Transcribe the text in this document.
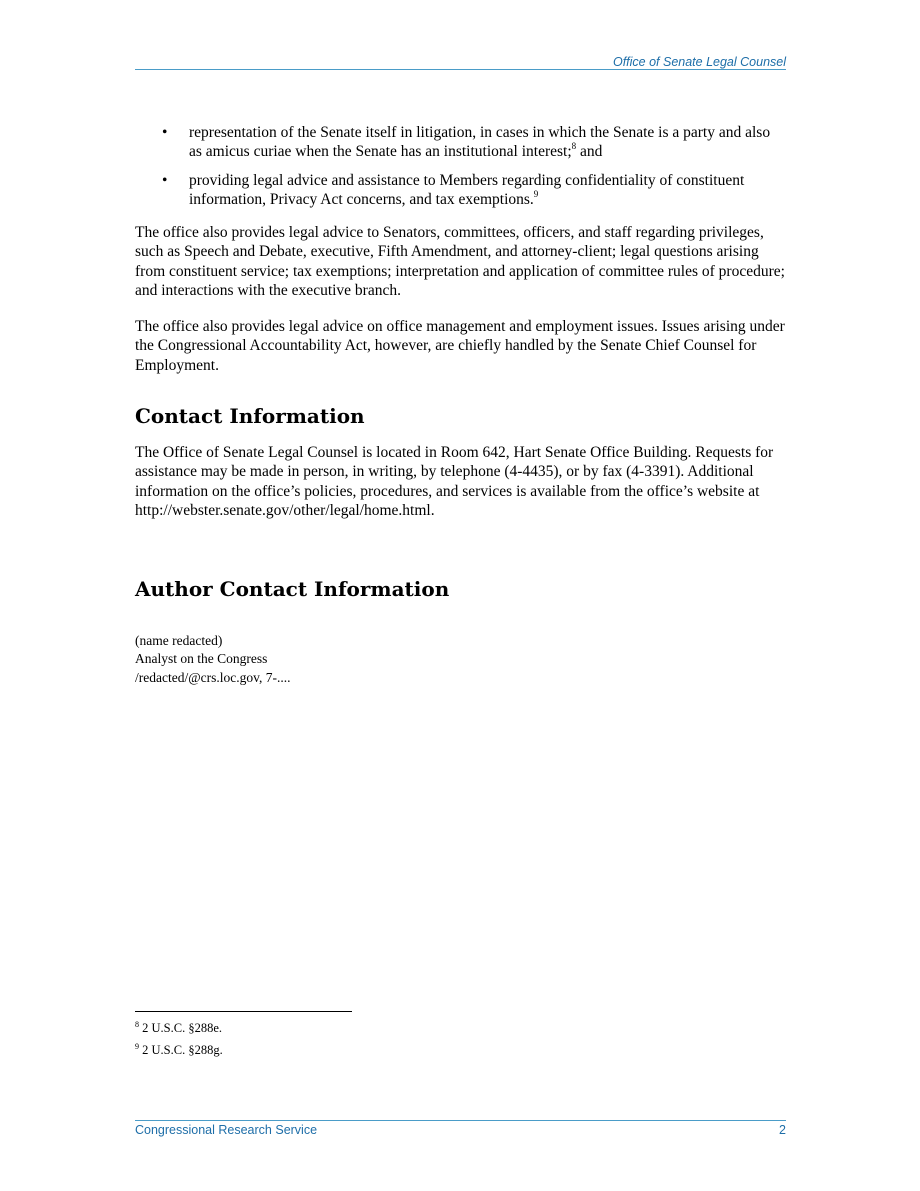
Office of Senate Legal Counsel
• representation of the Senate itself in litigation, in cases in which the Senate is a party and also as amicus curiae when the Senate has an institutional interest;$^8$ and
• providing legal advice and assistance to Members regarding confidentiality of constituent information, Privacy Act concerns, and tax exemptions.$^9$

The office also provides legal advice to Senators, committees, officers, and staff regarding privileges, such as Speech and Debate, executive, Fifth Amendment, and attorney-client; legal questions arising from constituent service; tax exemptions; interpretation and application of committee rules of procedure; and interactions with the executive branch.

The office also provides legal advice on office management and employment issues. Issues arising under the Congressional Accountability Act, however, are chiefly handled by the Senate Chief Counsel for Employment.

Contact Information

The Office of Senate Legal Counsel is located in Room 642, Hart Senate Office Building. Requests for assistance may be made in person, in writing, by telephone (4-4435), or by fax (4-3391). Additional information on the office’s policies, procedures, and services is available from the office’s website at http://webster.senate.gov/other/legal/home.html.

Author Contact Information
(name redacted)
Analyst on the Congress
/redacted/@crs.loc.gov, 7-....
$^8$ 2 U.S.C. §288e.
$^9$ 2 U.S.C. §288g.
Congressional Research Service	2
